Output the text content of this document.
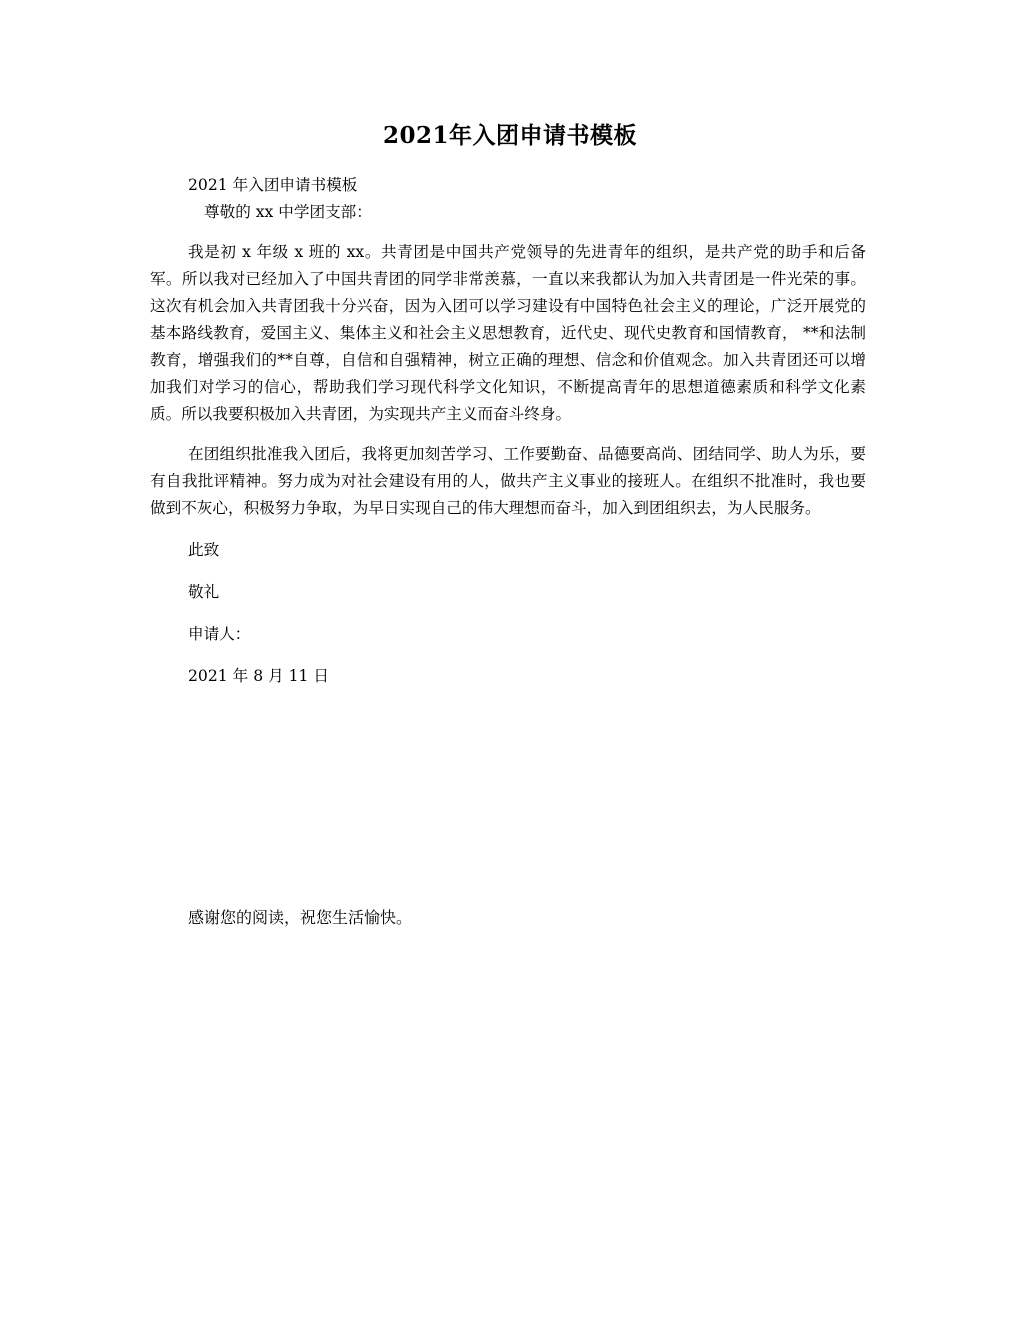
2021年入团申请书模板
2021 年入团申请书模板
尊敬的 xx 中学团支部：
我是初 x 年级 x 班的 xx。共青团是中国共产党领导的先进青年的组织，是共产党的助手和后备军。所以我对已经加入了中国共青团的同学非常羡慕，一直以来我都认为加入共青团是一件光荣的事。这次有机会加入共青团我十分兴奋，因为入团可以学习建设有中国特色社会主义的理论，广泛开展党的基本路线教育，爱国主义、集体主义和社会主义思想教育，近代史、现代史教育和国情教育， **和法制教育，增强我们的**自尊，自信和自强精神，树立正确的理想、信念和价值观念。加入共青团还可以增加我们对学习的信心，帮助我们学习现代科学文化知识，不断提高青年的思想道德素质和科学文化素质。所以我要积极加入共青团，为实现共产主义而奋斗终身。
在团组织批准我入团后，我将更加刻苦学习、工作要勤奋、品德要高尚、团结同学、助人为乐，要有自我批评精神。努力成为对社会建设有用的人，做共产主义事业的接班人。在组织不批准时，我也要做到不灰心，积极努力争取，为早日实现自己的伟大理想而奋斗，加入到团组织去，为人民服务。
此致
敬礼
申请人：
2021 年 8 月 11 日
感谢您的阅读，祝您生活愉快。
